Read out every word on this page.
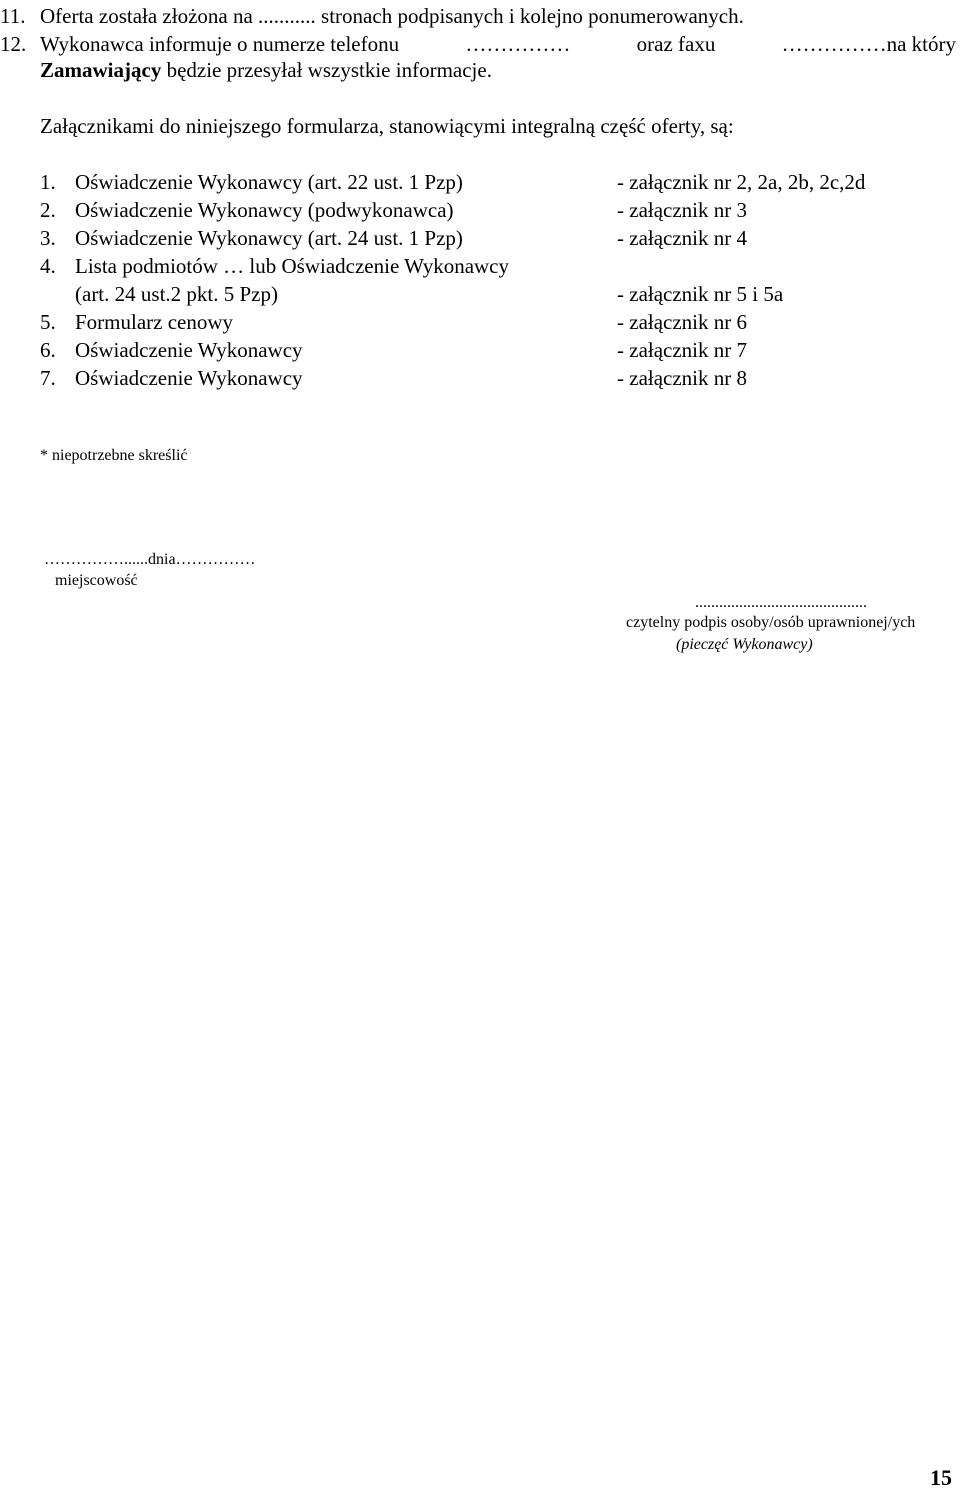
11. Oferta została złożona na ........... stronach podpisanych i kolejno ponumerowanych.
12. Wykonawca informuje o numerze telefonu	……………	oraz faxu	……………na który
Zamawiający będzie przesyłał wszystkie informacje.
Załącznikami do niniejszego formularza, stanowiącymi integralną część oferty, są:
1. Oświadczenie Wykonawcy (art. 22 ust. 1 Pzp)	- załącznik nr 2, 2a, 2b, 2c,2d
2. Oświadczenie Wykonawcy (podwykonawca)	- załącznik nr 3
3. Oświadczenie Wykonawcy (art. 24 ust. 1 Pzp)	- załącznik nr 4
4. Lista podmiotów … lub Oświadczenie Wykonawcy
(art. 24 ust.2 pkt. 5 Pzp)	- załącznik nr 5 i 5a
5. Formularz cenowy	- załącznik nr 6
6. Oświadczenie Wykonawcy	- załącznik nr 7
7. Oświadczenie Wykonawcy	- załącznik nr 8
* niepotrzebne skreślić
……………......dnia……………
miejscowość
...........................................
czytelny podpis osoby/osób uprawnionej/ych
(pieczęć Wykonawcy)
15
